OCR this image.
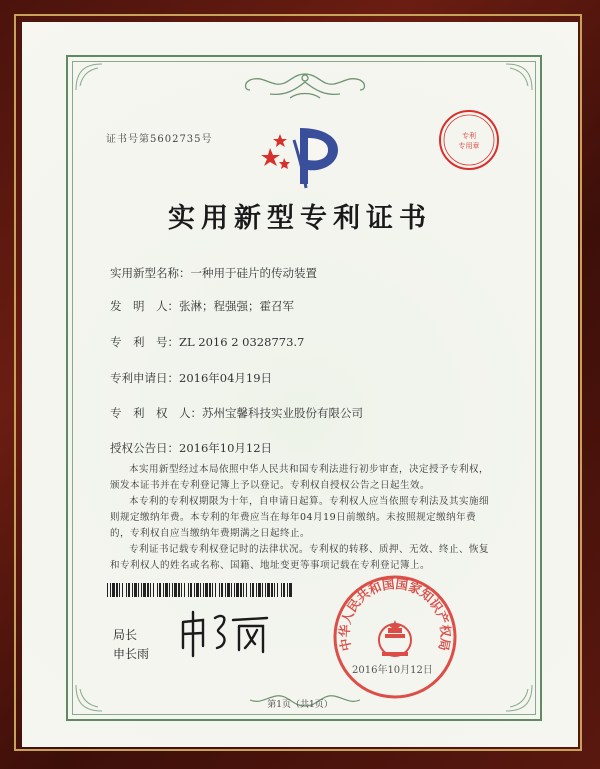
证书号第5602735号	专利
专用章
实用新型专利证书
实用新型名称：一种用于硅片的传动装置
发　明　人：张淋；程强强；霍召军
专　利　号：ZL 2016 2 0328773.7
专利申请日：2016年04月19日
专　利　权　人：苏州宝馨科技实业股份有限公司
授权公告日：2016年10月12日

本实用新型经过本局依照中华人民共和国专利法进行初步审查，决定授予专利权，颁发本证书并在专利登记簿上予以登记。专利权自授权公告之日起生效。

本专利的专利权期限为十年，自申请日起算。专利权人应当依照专利法及其实施细则规定缴纳年费。本专利的年费应当在每年04月19日前缴纳。未按照规定缴纳年费的，专利权自应当缴纳年费期满之日起终止。

专利证书记载专利权登记时的法律状况。专利权的转移、质押、无效、终止、恢复和专利权人的姓名或名称、国籍、地址变更等事项记载在专利登记簿上。

局长
申长雨
中华人民共和国国家知识产权局
2016年10月12日
第1页（共1页）
